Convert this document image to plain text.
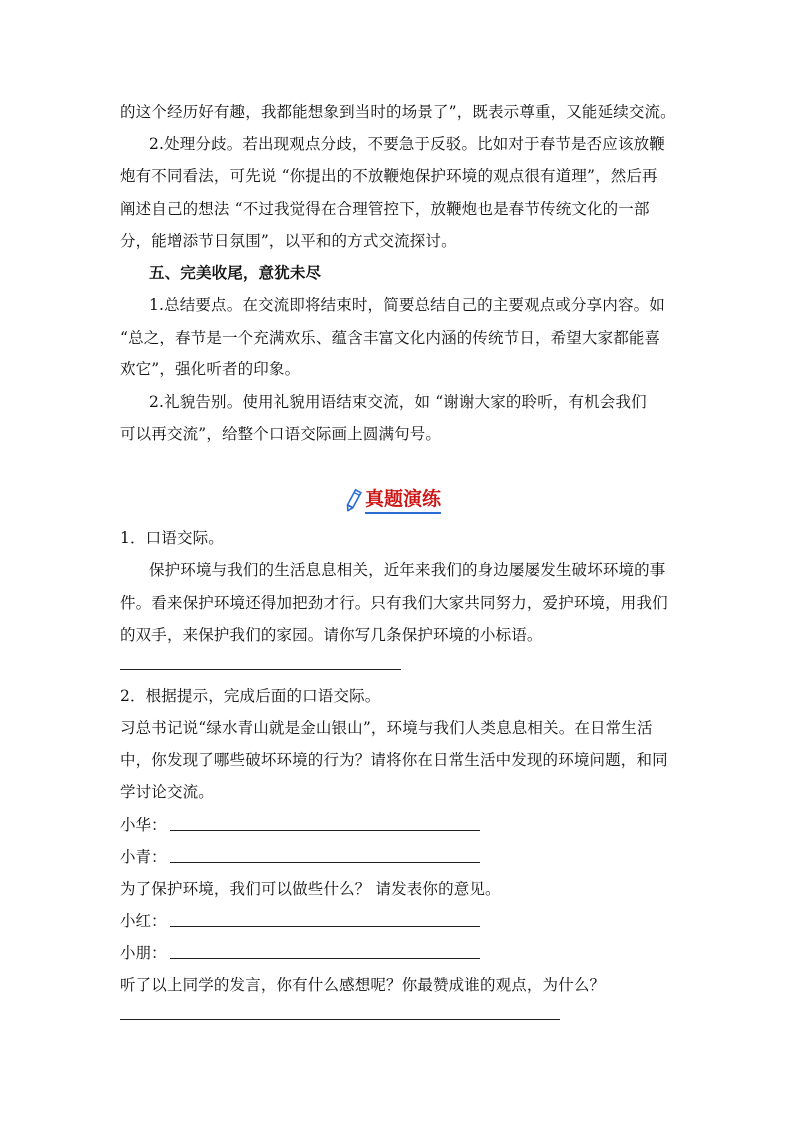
的这个经历好有趣，我都能想象到当时的场景了”，既表示尊重，又能延续交流。
2.处理分歧。若出现观点分歧，不要急于反驳。比如对于春节是否应该放鞭
炮有不同看法，可先说 “你提出的不放鞭炮保护环境的观点很有道理”，然后再
阐述自己的想法 “不过我觉得在合理管控下，放鞭炮也是春节传统文化的一部
分，能增添节日氛围”，以平和的方式交流探讨。
五、完美收尾，意犹未尽
1.总结要点。在交流即将结束时，简要总结自己的主要观点或分享内容。如
“总之，春节是一个充满欢乐、蕴含丰富文化内涵的传统节日，希望大家都能喜
欢它”，强化听者的印象。
2.礼貌告别。使用礼貌用语结束交流，如 “谢谢大家的聆听，有机会我们
可以再交流”，给整个口语交际画上圆满句号。
真题演练
1．口语交际。
保护环境与我们的生活息息相关，近年来我们的身边屡屡发生破坏环境的事
件。看来保护环境还得加把劲才行。只有我们大家共同努力，爱护环境，用我们
的双手，来保护我们的家园。请你写几条保护环境的小标语。
2．根据提示，完成后面的口语交际。
习总书记说“绿水青山就是金山银山”，环境与我们人类息息相关。在日常生活
中，你发现了哪些破坏环境的行为？请将你在日常生活中发现的环境问题，和同
学讨论交流。
小华：
小青：
为了保护环境，我们可以做些什么？ 请发表你的意见。
小红：
小朋：
听了以上同学的发言，你有什么感想呢？你最赞成谁的观点，为什么？
